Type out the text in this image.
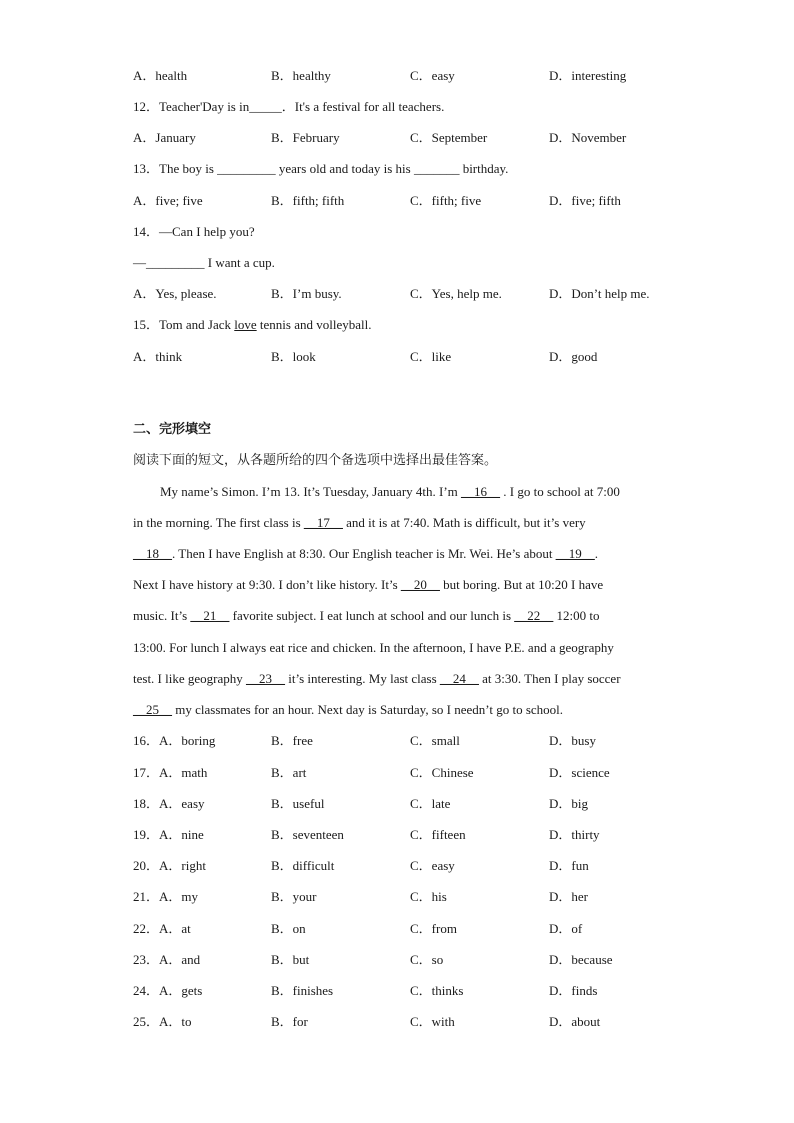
A．health	B．healthy	C．easy	D．interesting
12．Teacher'Day is in_____．It's a festival for all teachers.
A．January	B．February	C．September	D．November
13．The boy is _________ years old and today is his _______ birthday.
A．five; five	B．fifth; fifth	C．fifth; five	D．five; fifth
14．—Can I help you?
—_________ I want a cup.
A．Yes, please.	B．I’m busy.	C．Yes, help me.	D．Don’t help me.
15．Tom and Jack love tennis and volleyball.
A．think	B．look	C．like	D．good
二、完形填空
阅读下面的短文，从各题所给的四个备选项中选择出最佳答案。
My name’s Simon. I’m 13. It’s Tuesday, January 4th. I’m __16__ . I go to school at 7:00
in the morning. The first class is __17__ and it is at 7:40. Math is difficult, but it’s very
__18__. Then I have English at 8:30. Our English teacher is Mr. Wei. He’s about __19__.
Next I have history at 9:30. I don’t like history. It’s __20__ but boring. But at 10:20 I have
music. It’s __21__ favorite subject. I eat lunch at school and our lunch is __22__ 12:00 to
13:00. For lunch I always eat rice and chicken. In the afternoon, I have P.E. and a geography
test. I like geography __23__ it’s interesting. My last class __24__ at 3:30. Then I play soccer
__25__ my classmates for an hour. Next day is Saturday, so I needn’t go to school.
16．A．boring	B．free	C．small	D．busy
17．A．math	B．art	C．Chinese	D．science
18．A．easy	B．useful	C．late	D．big
19．A．nine	B．seventeen	C．fifteen	D．thirty
20．A．right	B．difficult	C．easy	D．fun
21．A．my	B．your	C．his	D．her
22．A．at	B．on	C．from	D．of
23．A．and	B．but	C．so	D．because
24．A．gets	B．finishes	C．thinks	D．finds
25．A．to	B．for	C．with	D．about
